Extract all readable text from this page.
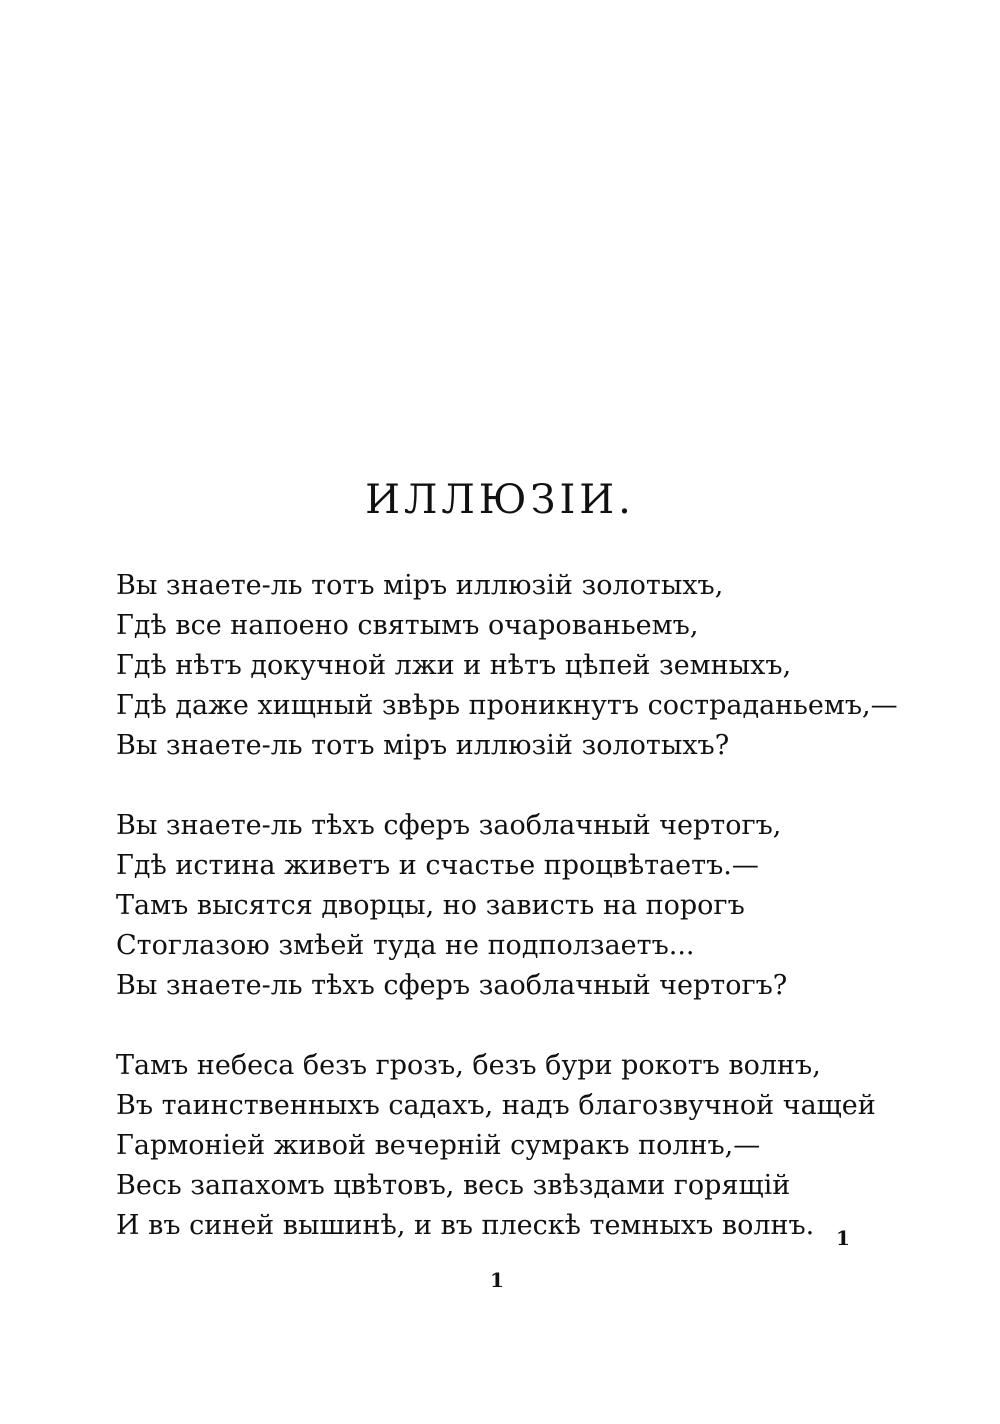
ИЛЛЮЗIИ.
Вы знаете-ль тотъ мiръ иллюзiй золотыхъ,
Гдѣ все напоено святымъ очарованьемъ,
Гдѣ нѣтъ докучной лжи и нѣтъ цѣпей земныхъ,
Гдѣ даже хищный звѣрь проникнутъ состраданьемъ,—
Вы знаете-ль тотъ мiръ иллюзiй золотыхъ?
Вы знаете-ль тѣхъ сферъ заоблачный чертогъ,
Гдѣ истина живетъ и счастье процвѣтаетъ.—
Тамъ высятся дворцы, но зависть на порогъ
Стоглазою змѣей туда не подползаетъ...
Вы знаете-ль тѣхъ сферъ заоблачный чертогъ?
Тамъ небеса безъ грозъ, безъ бури рокотъ волнъ,
Въ таинственныхъ садахъ, надъ благозвучной чащей
Гармонiей живой вечернiй сумракъ полнъ,—
Весь запахомъ цвѣтовъ, весь звѣздами горящiй
И въ синей вышинѣ, и въ плескѣ темныхъ волнъ.	1
1
